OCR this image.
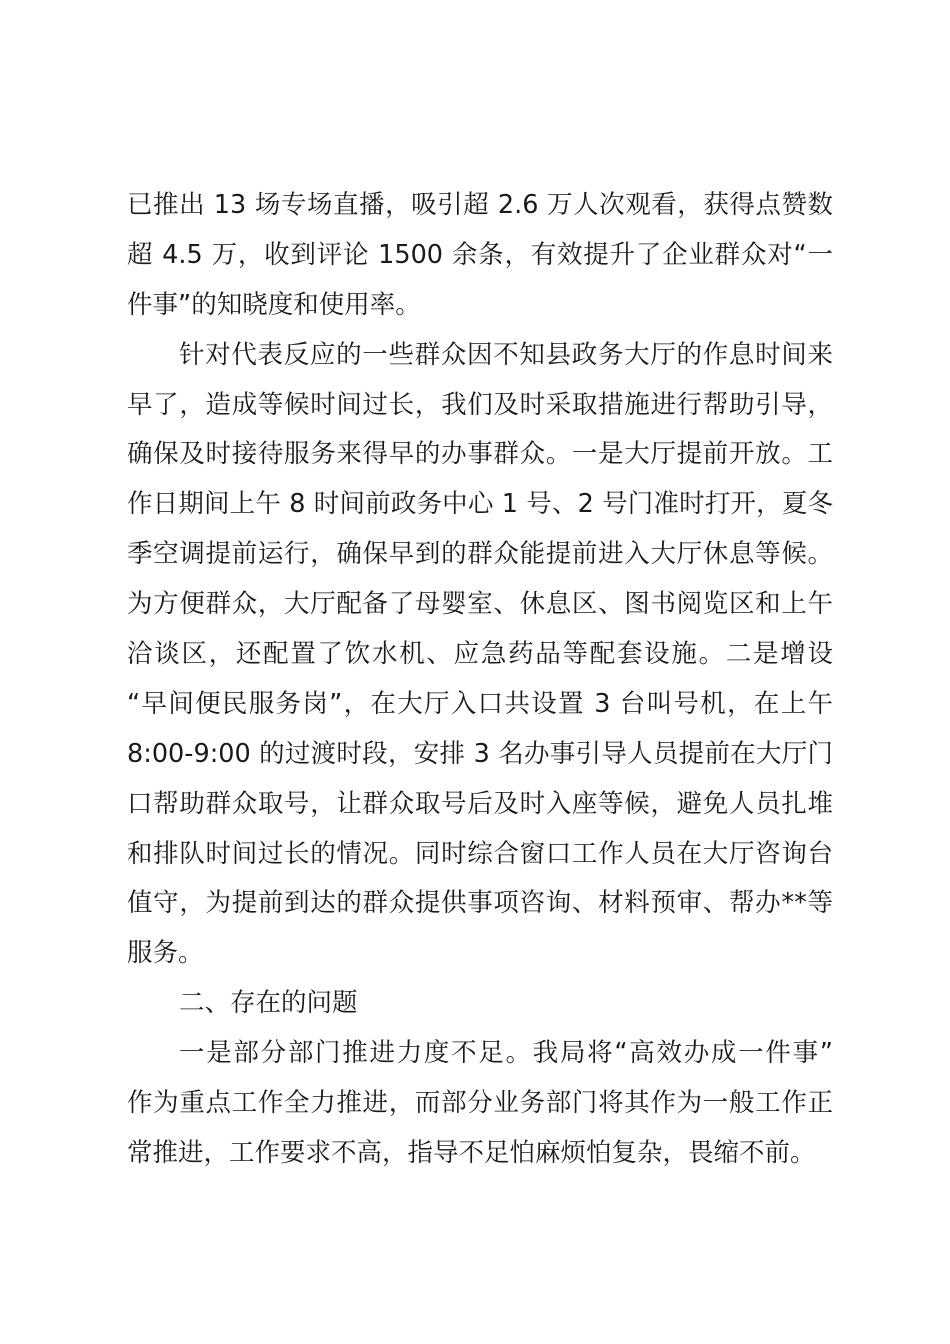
已推出 13 场专场直播，吸引超 2.6 万人次观看，获得点赞数
超 4.5 万，收到评论 1500 余条，有效提升了企业群众对“一
件事”的知晓度和使用率。
针对代表反应的一些群众因不知县政务大厅的作息时间来
早了，造成等候时间过长，我们及时采取措施进行帮助引导，
确保及时接待服务来得早的办事群众。一是大厅提前开放。工
作日期间上午 8 时间前政务中心 1 号、2 号门准时打开，夏冬
季空调提前运行，确保早到的群众能提前进入大厅休息等候。
为方便群众，大厅配备了母婴室、休息区、图书阅览区和上午
洽谈区，还配置了饮水机、应急药品等配套设施。二是增设
“早间便民服务岗”，在大厅入口共设置 3 台叫号机，在上午
8:00-9:00 的过渡时段，安排 3 名办事引导人员提前在大厅门
口帮助群众取号，让群众取号后及时入座等候，避免人员扎堆
和排队时间过长的情况。同时综合窗口工作人员在大厅咨询台
值守，为提前到达的群众提供事项咨询、材料预审、帮办**等
服务。
二、存在的问题
一是部分部门推进力度不足。我局将“高效办成一件事”
作为重点工作全力推进，而部分业务部门将其作为一般工作正
常推进，工作要求不高，指导不足怕麻烦怕复杂，畏缩不前。
